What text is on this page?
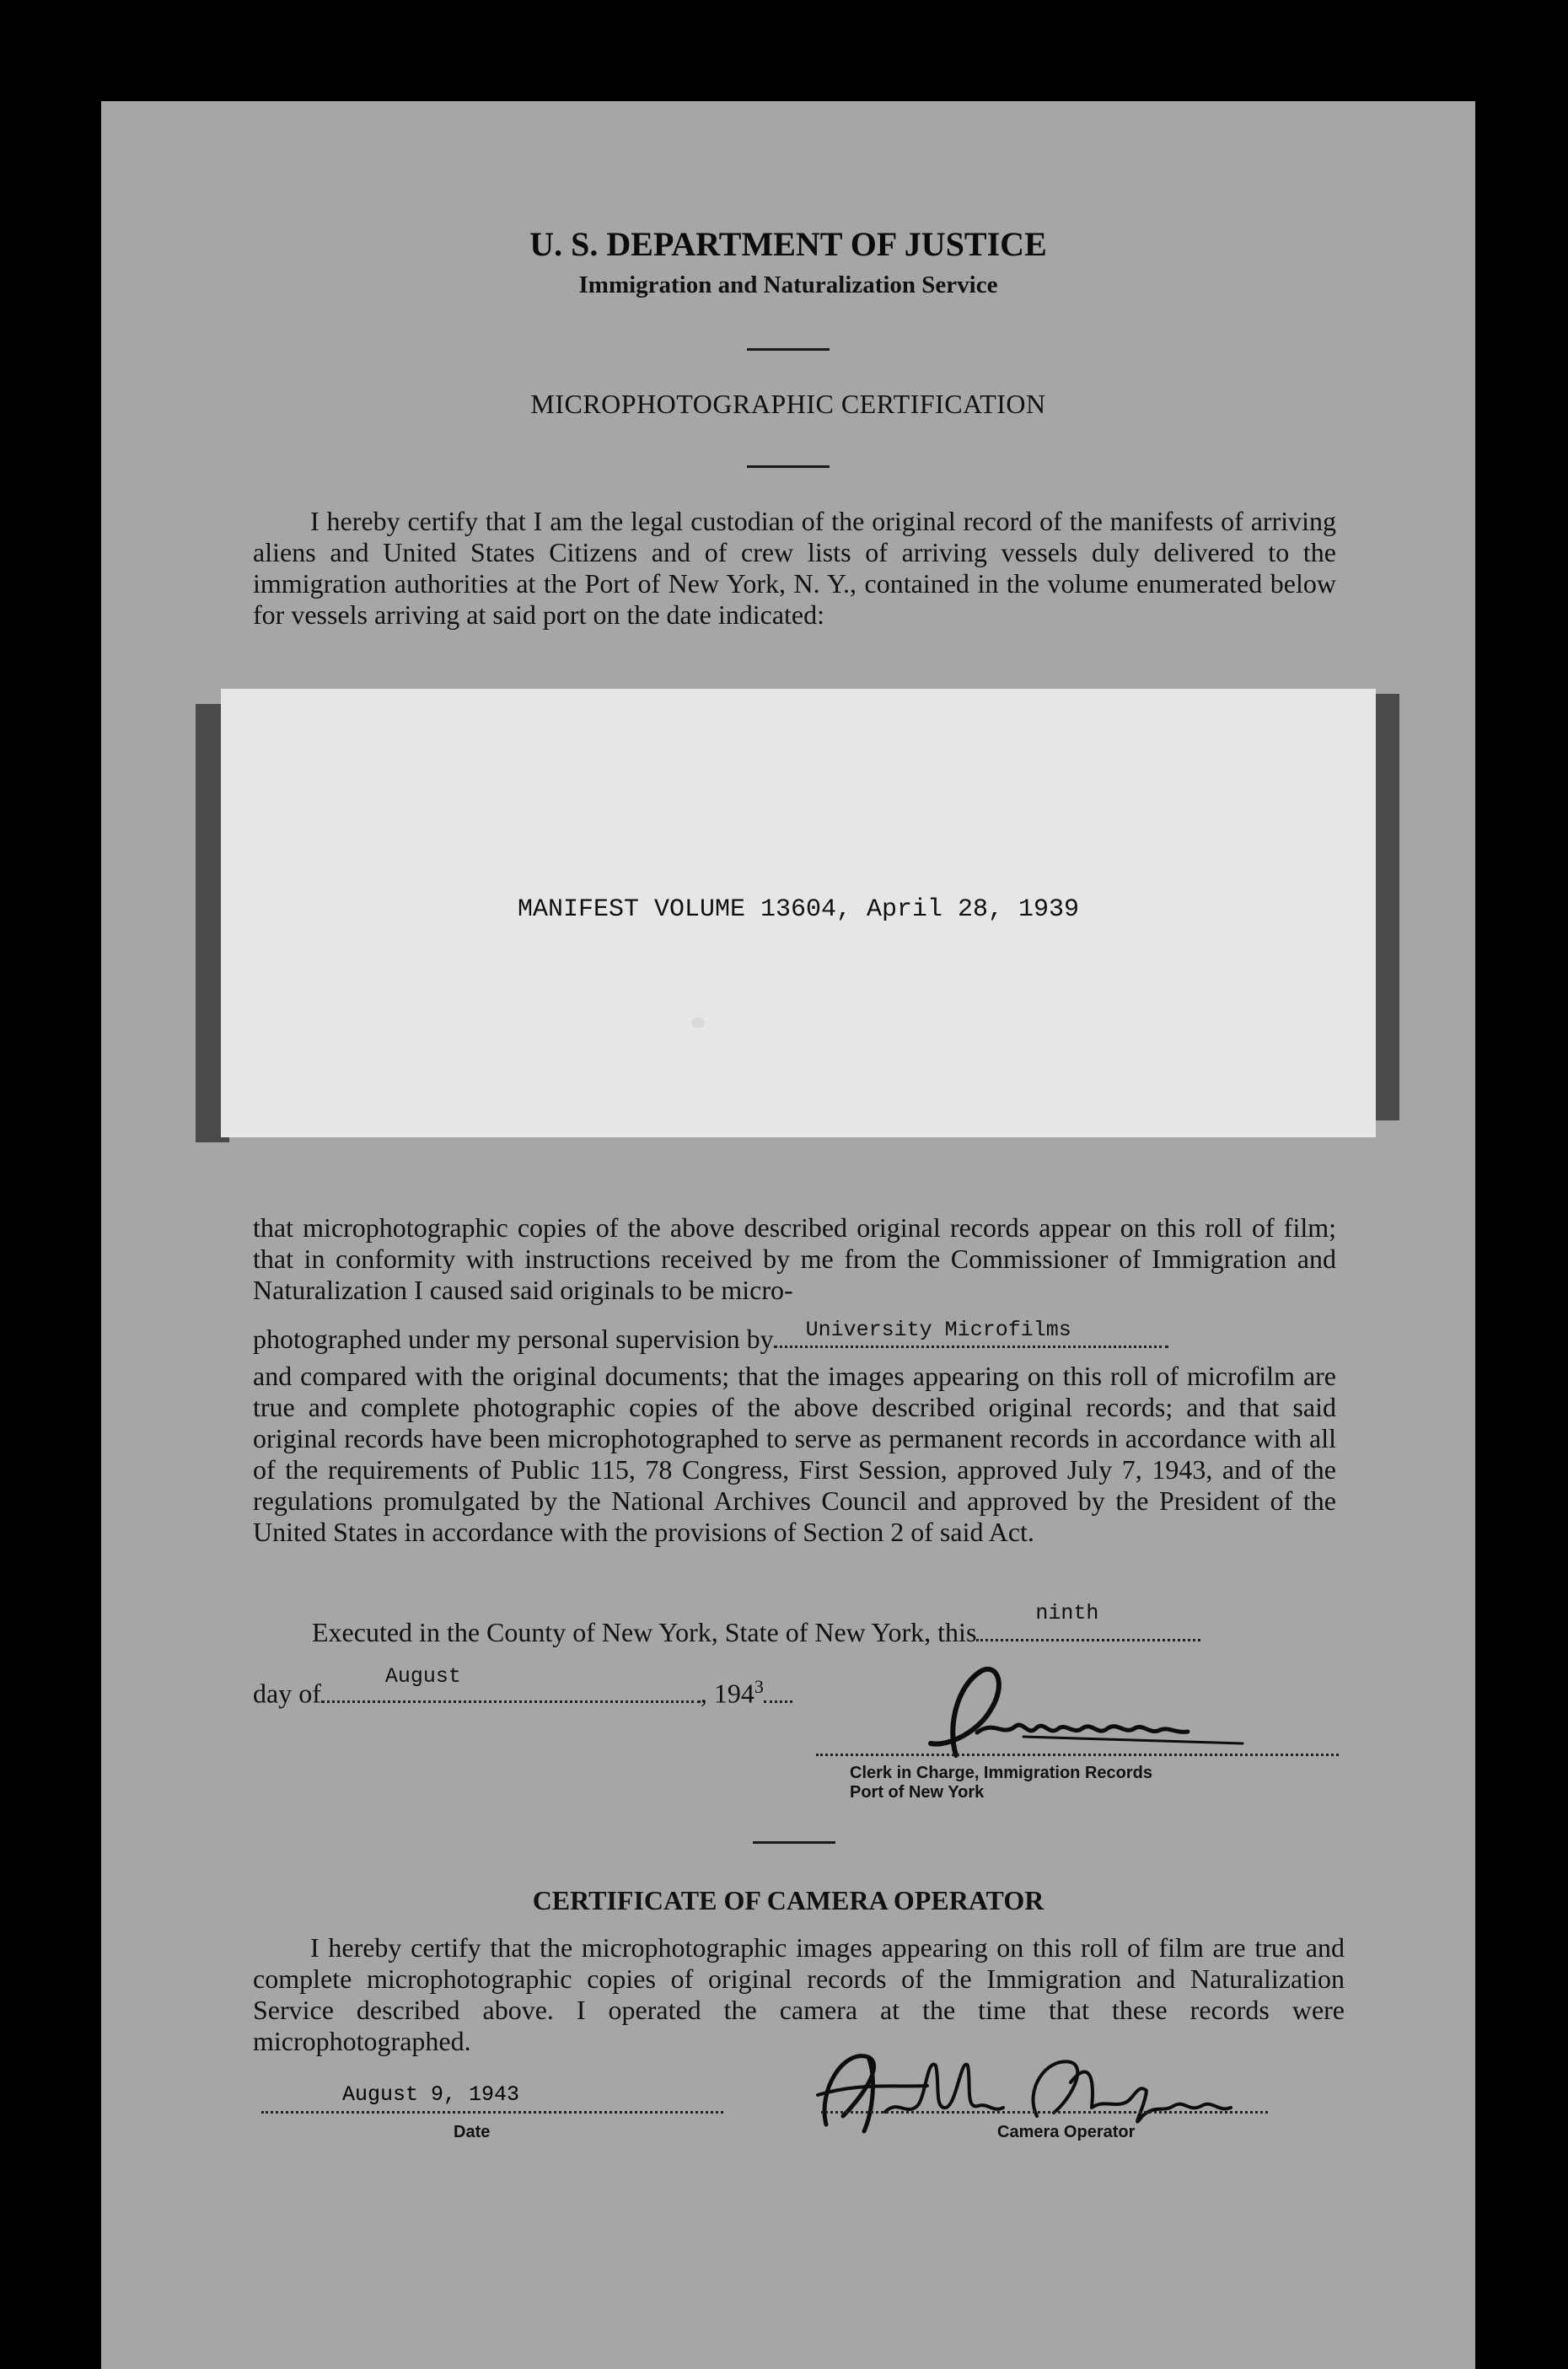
U. S. DEPARTMENT OF JUSTICE
Immigration and Naturalization Service
MICROPHOTOGRAPHIC CERTIFICATION
I hereby certify that I am the legal custodian of the original record of the manifests of arriving aliens and United States Citizens and of crew lists of arriving vessels duly delivered to the immigration authorities at the Port of New York, N. Y., contained in the volume enumerated below for vessels arriving at said port on the date indicated:
MANIFEST VOLUME 13604, April 28, 1939
that microphotographic copies of the above described original records appear on this roll of film; that in conformity with instructions received by me from the Commissioner of Immigration and Naturalization I caused said originals to be micro-
photographed under my personal supervision by University Microfilms
and compared with the original documents; that the images appearing on this roll of microfilm are true and complete photographic copies of the above described original records; and that said original records have been microphotographed to serve as permanent records in accordance with all of the requirements of Public 115, 78 Congress, First Session, approved July 7, 1943, and of the regulations promulgated by the National Archives Council and approved by the President of the United States in accordance with the provisions of Section 2 of said Act.
Executed in the County of New York, State of New York, this
ninth
day of
August
, $194^3$
Clerk in Charge, Immigration Records
Port of New York
CERTIFICATE OF CAMERA OPERATOR
I hereby certify that the microphotographic images appearing on this roll of film are true and complete microphotographic copies of original records of the Immigration and Naturalization Service described above. I operated the camera at the time that these records were microphotographed.
August 9, 1943
Date	Camera Operator
